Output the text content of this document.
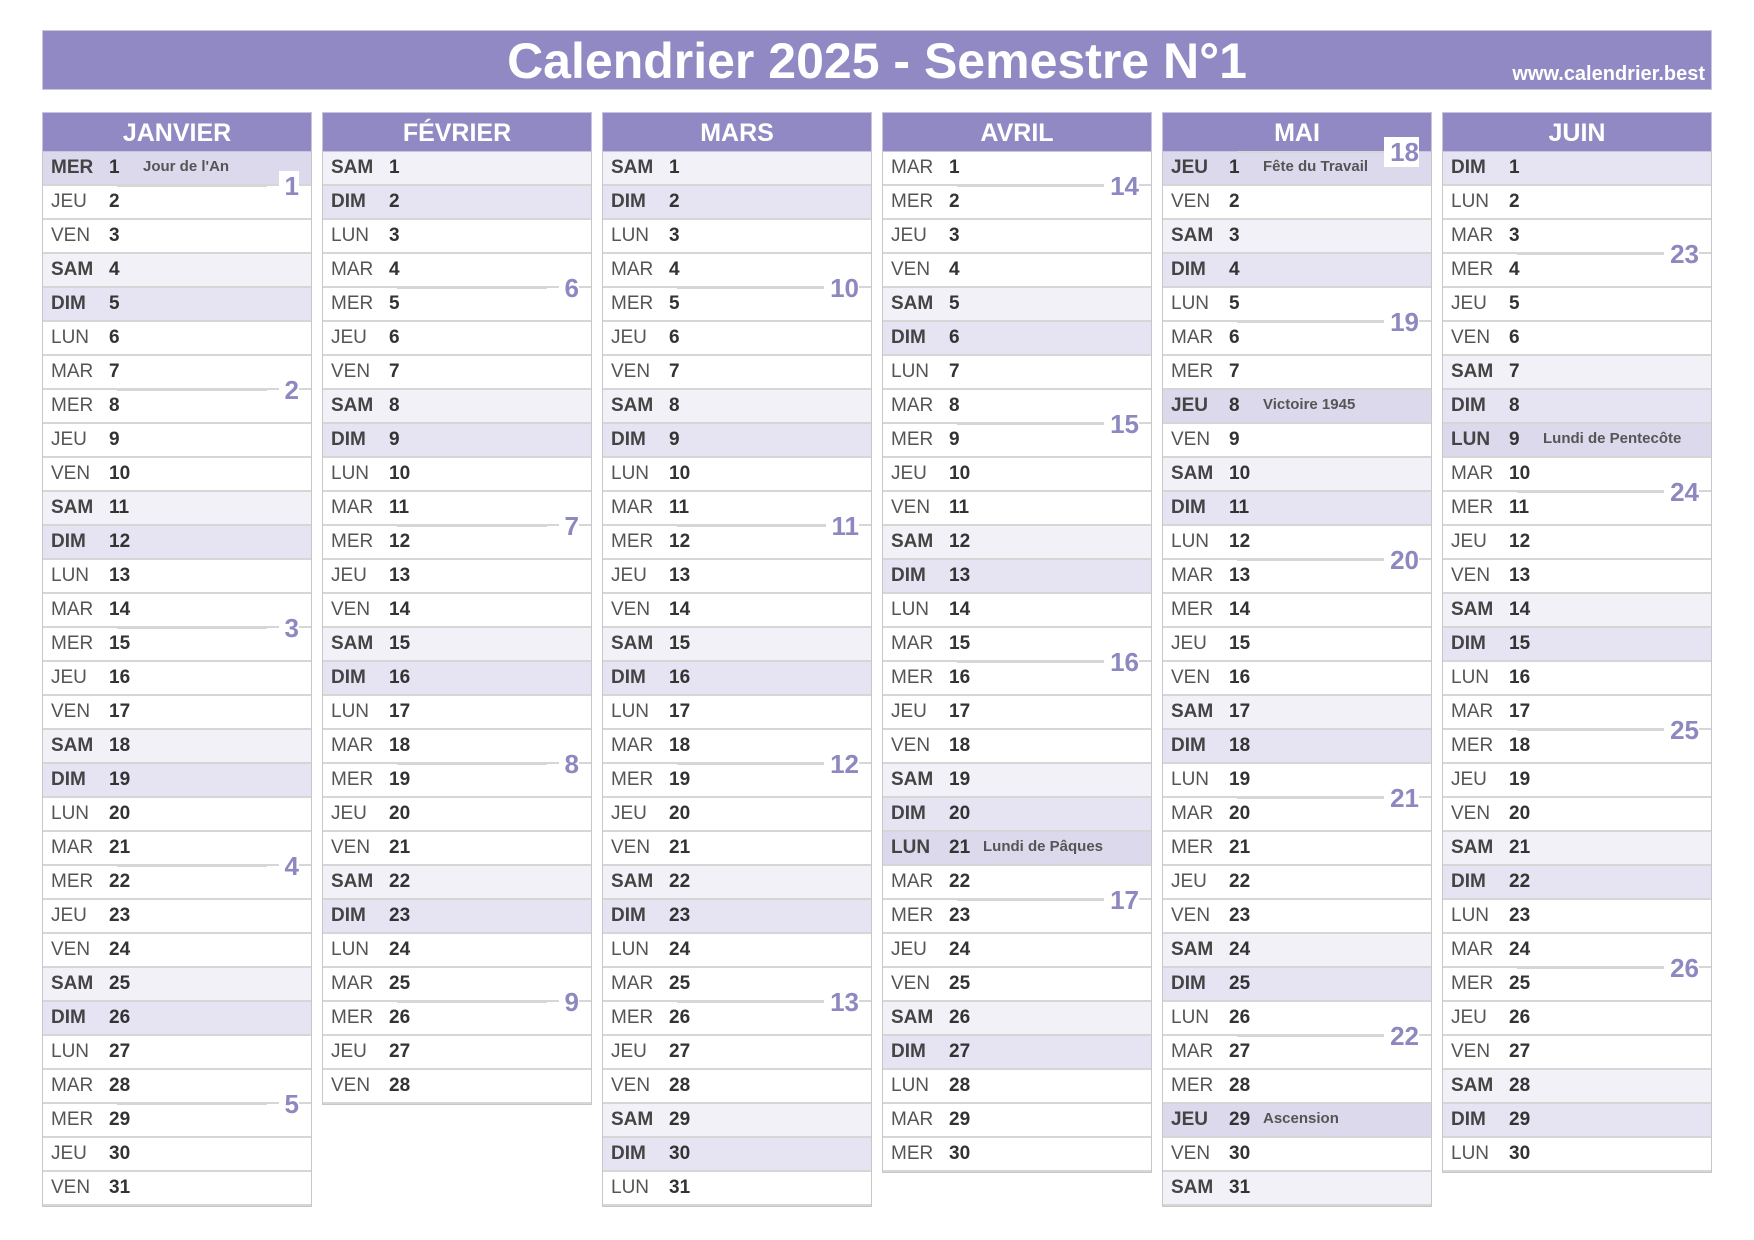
Calendrier 2025 - Semestre N°1	www.calendrier.best
JANVIER
MER 1 Jour de l'An
JEU 2
VEN 3
SAM 4
DIM 5
LUN 6
MAR 7
MER 8
JEU 9
VEN 10
SAM 11
DIM 12
LUN 13
MAR 14
MER 15
JEU 16
VEN 17
SAM 18
DIM 19
LUN 20
MAR 21
MER 22
JEU 23
VEN 24
SAM 25
DIM 26
LUN 27
MAR 28
MER 29
JEU 30
VEN 31
1
2
3
4
5
FÉVRIER
SAM 1
DIM 2
LUN 3
MAR 4
MER 5
JEU 6
VEN 7
SAM 8
DIM 9
LUN 10
MAR 11
MER 12
JEU 13
VEN 14
SAM 15
DIM 16
LUN 17
MAR 18
MER 19
JEU 20
VEN 21
SAM 22
DIM 23
LUN 24
MAR 25
MER 26
JEU 27
VEN 28
6
7
8
9
MARS
SAM 1
DIM 2
LUN 3
MAR 4
MER 5
JEU 6
VEN 7
SAM 8
DIM 9
LUN 10
MAR 11
MER 12
JEU 13
VEN 14
SAM 15
DIM 16
LUN 17
MAR 18
MER 19
JEU 20
VEN 21
SAM 22
DIM 23
LUN 24
MAR 25
MER 26
JEU 27
VEN 28
SAM 29
DIM 30
LUN 31
10
11
12
13
AVRIL
MAR 1
MER 2
JEU 3
VEN 4
SAM 5
DIM 6
LUN 7
MAR 8
MER 9
JEU 10
VEN 11
SAM 12
DIM 13
LUN 14
MAR 15
MER 16
JEU 17
VEN 18
SAM 19
DIM 20
LUN 21 Lundi de Pâques
MAR 22
MER 23
JEU 24
VEN 25
SAM 26
DIM 27
LUN 28
MAR 29
MER 30
14
15
16
17
MAI
JEU 1 Fête du Travail
VEN 2
SAM 3
DIM 4
LUN 5
MAR 6
MER 7
JEU 8 Victoire 1945
VEN 9
SAM 10
DIM 11
LUN 12
MAR 13
MER 14
JEU 15
VEN 16
SAM 17
DIM 18
LUN 19
MAR 20
MER 21
JEU 22
VEN 23
SAM 24
DIM 25
LUN 26
MAR 27
MER 28
JEU 29 Ascension
VEN 30
SAM 31
18
19
20
21
22
JUIN
DIM 1
LUN 2
MAR 3
MER 4
JEU 5
VEN 6
SAM 7
DIM 8
LUN 9 Lundi de Pentecôte
MAR 10
MER 11
JEU 12
VEN 13
SAM 14
DIM 15
LUN 16
MAR 17
MER 18
JEU 19
VEN 20
SAM 21
DIM 22
LUN 23
MAR 24
MER 25
JEU 26
VEN 27
SAM 28
DIM 29
LUN 30
23
24
25
26
